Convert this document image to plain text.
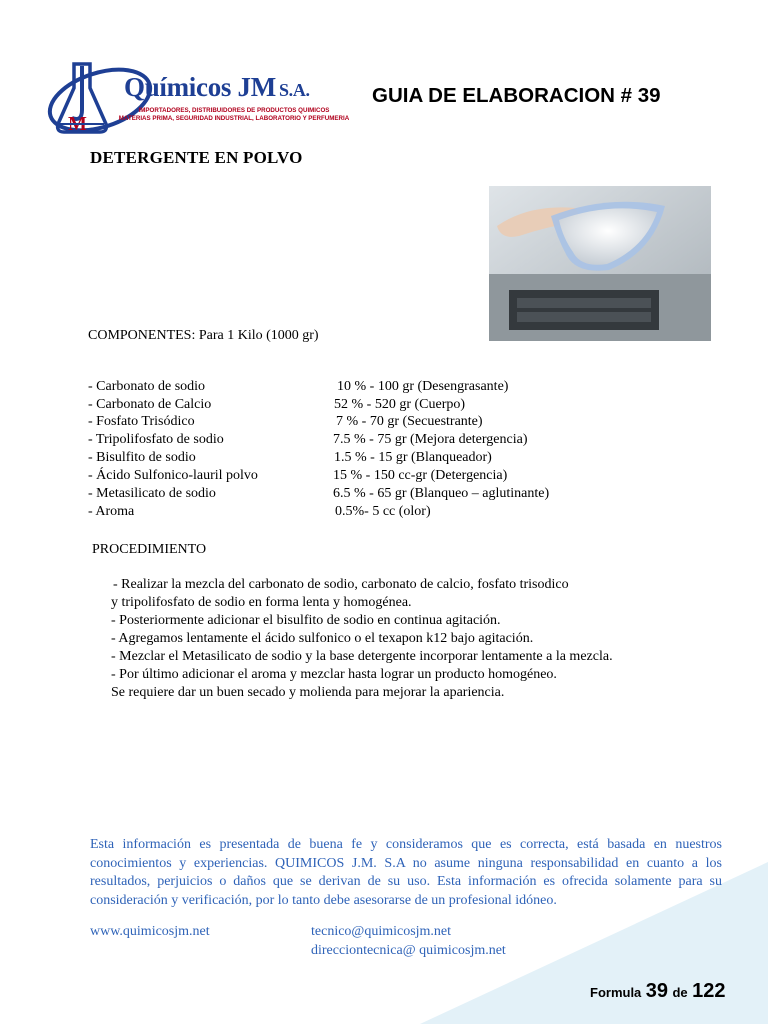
M
Químicos JM S.A.
IMPORTADORES, DISTRIBUIDORES DE PRODUCTOS QUIMICOS
MATERIAS PRIMA, SEGURIDAD INDUSTRIAL, LABORATORIO Y PERFUMERIA
GUIA DE ELABORACION # 39
DETERGENTE EN POLVO
COMPONENTES: Para 1 Kilo (1000 gr)
- Carbonato de sodio	10 % - 100 gr (Desengrasante)
- Carbonato de Calcio	52 % - 520 gr (Cuerpo)
- Fosfato Trisódico	7 % - 70 gr (Secuestrante)
- Tripolifosfato de sodio	7.5 % - 75 gr (Mejora detergencia)
- Bisulfito de sodio	1.5 % - 15 gr (Blanqueador)
- Ácido Sulfonico-lauril polvo	15 % - 150 cc-gr (Detergencia)
- Metasilicato de sodio	6.5 % - 65 gr (Blanqueo – aglutinante)
- Aroma	0.5%- 5 cc (olor)
PROCEDIMIENTO
- Realizar la mezcla del carbonato de sodio, carbonato de calcio, fosfato trisodico
y tripolifosfato de sodio en forma lenta y homogénea.
- Posteriormente adicionar el bisulfito de sodio en continua agitación.
- Agregamos lentamente el ácido sulfonico o el texapon k12 bajo agitación.
- Mezclar el Metasilicato de sodio y la base detergente incorporar lentamente a la mezcla.
- Por último adicionar el aroma y mezclar hasta lograr un producto homogéneo.
Se requiere dar un buen secado y molienda para mejorar la apariencia.
Esta información es presentada de buena fe y consideramos que es correcta, está basada en nuestros conocimientos y experiencias. QUIMICOS J.M. S.A no asume ninguna responsabilidad en cuanto a los resultados, perjuicios o daños que se derivan de su uso. Esta información es ofrecida solamente para su consideración y verificación, por lo tanto debe asesorarse de un profesional idóneo.
www.quimicosjm.net	tecnico@quimicosjm.net
direcciontecnica@ quimicosjm.net
Formula 39 de 122
